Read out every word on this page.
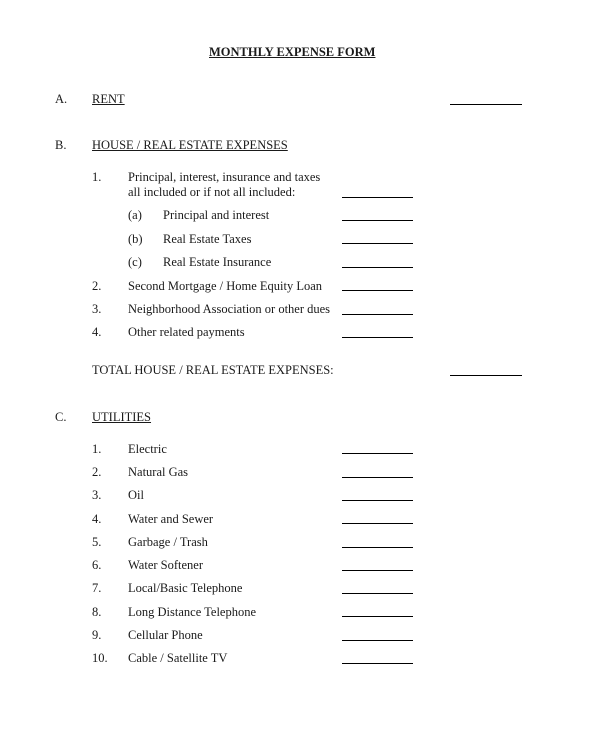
MONTHLY EXPENSE FORM
A. RENT
B. HOUSE / REAL ESTATE EXPENSES
1. Principal, interest, insurance and taxes
all included or if not all included:
(a) Principal and interest
(b) Real Estate Taxes
(c) Real Estate Insurance
2. Second Mortgage / Home Equity Loan
3. Neighborhood Association or other dues
4. Other related payments
TOTAL HOUSE / REAL ESTATE EXPENSES:
C. UTILITIES
1. Electric
2. Natural Gas
3. Oil
4. Water and Sewer
5. Garbage / Trash
6. Water Softener
7. Local/Basic Telephone
8. Long Distance Telephone
9. Cellular Phone
10. Cable / Satellite TV
